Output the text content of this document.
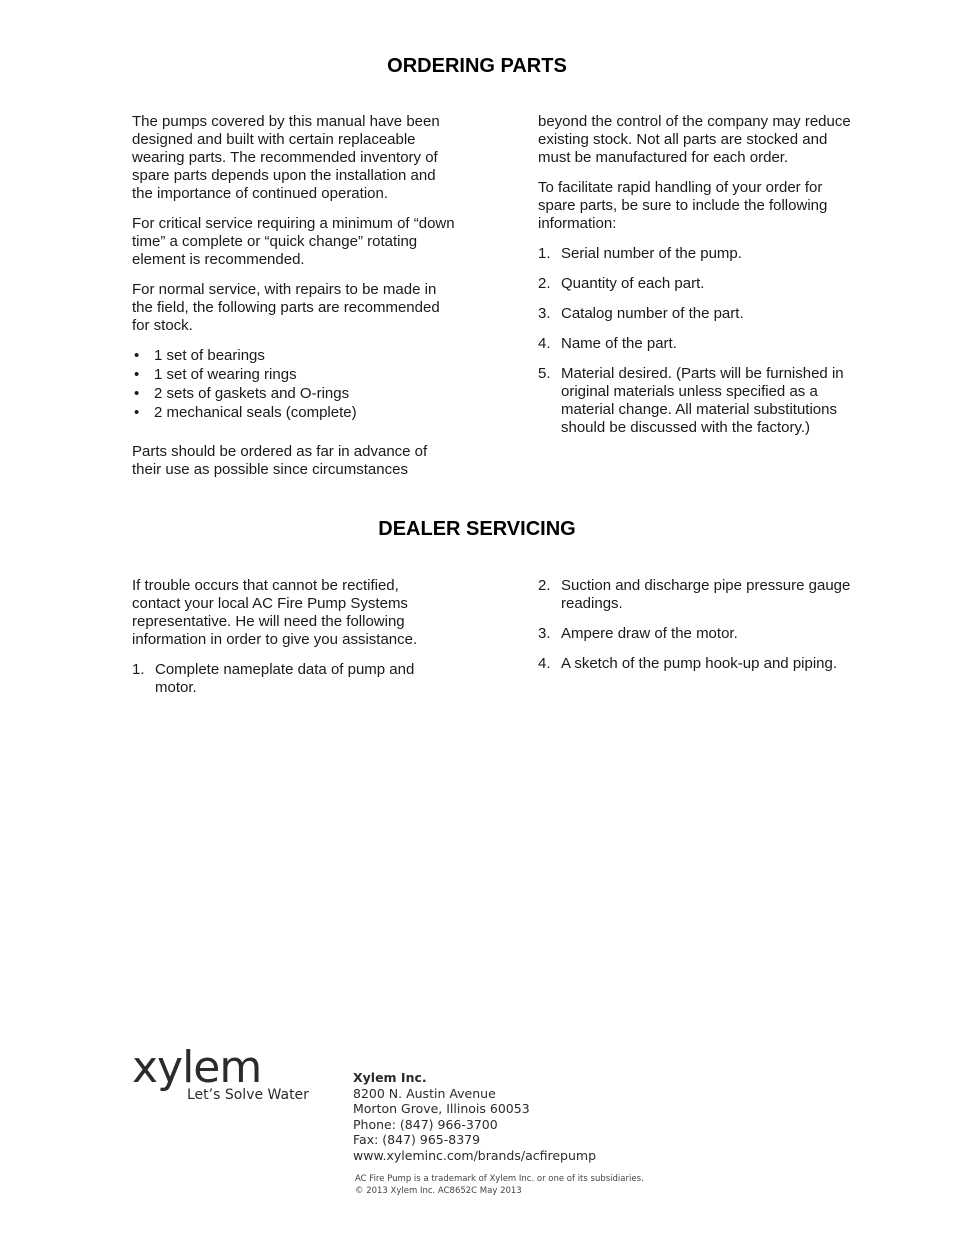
ORDERING PARTS

The pumps covered by this manual have been designed and built with certain replaceable wearing parts. The recommended inventory of spare parts depends upon the installation and the importance of continued operation.

For critical service requiring a minimum of “down time” a complete or “quick change” rotating element is recommended.

For normal service, with repairs to be made in the field, the following parts are recommended for stock.

• 1 set of bearings
• 1 set of wearing rings
• 2 sets of gaskets and O-rings
• 2 mechanical seals (complete)

Parts should be ordered as far in advance of their use as possible since circumstances

beyond the control of the company may reduce existing stock. Not all parts are stocked and must be manufactured for each order.

To facilitate rapid handling of your order for spare parts, be sure to include the following information:

1. Serial number of the pump.
2. Quantity of each part.
3. Catalog number of the part.
4. Name of the part.
5. Material desired. (Parts will be furnished in original materials unless specified as a material change. All material substitutions should be discussed with the factory.)
DEALER SERVICING

If trouble occurs that cannot be rectified, contact your local AC Fire Pump Systems representative. He will need the following information in order to give you assistance.

1. Complete nameplate data of pump and motor.
2. Suction and discharge pipe pressure gauge readings.
3. Ampere draw of the motor.
4. A sketch of the pump hook-up and piping.
xylem
Let’s Solve Water
Xylem Inc.
8200 N. Austin Avenue
Morton Grove, Illinois 60053
Phone: (847) 966-3700
Fax: (847) 965-8379
www.xyleminc.com/brands/acfirepump
AC Fire Pump is a trademark of Xylem Inc. or one of its subsidiaries.
© 2013 Xylem Inc. AC8652C May 2013
